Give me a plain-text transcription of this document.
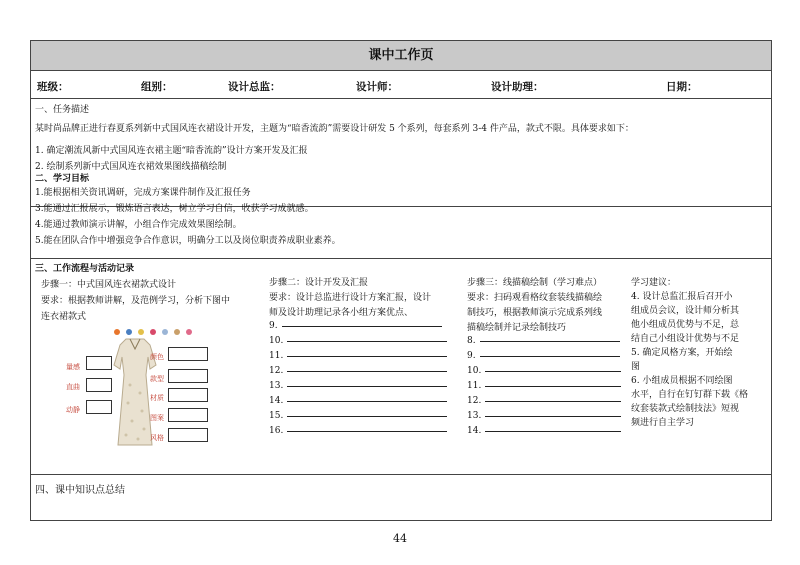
课中工作页
班级：	组别：	设计总监：	设计师：	设计助理：	日期：
一、任务描述
某时尚品牌正进行春夏系列新中式国风连衣裙设计开发，主题为“暗香流韵”需要设计研发 5 个系列，每套系列 3-4 件产品，款式不限。具体要求如下：
1. 确定潮流风新中式国风连衣裙主题“暗香流韵”设计方案开发及汇报
2. 绘制系列新中式国风连衣裙效果图线描稿绘制
二、学习目标
1.能根据相关资讯调研，完成方案课件制作及汇报任务
3.能通过汇报展示，锻炼语言表达，树立学习自信，收获学习成就感。
4.能通过教师演示讲解，小组合作完成效果图绘制。
5.能在团队合作中增强竞争合作意识，明确分工以及岗位职责养成职业素养。
三、工作流程与活动记录
步骤一：中式国风连衣裙款式设计
要求：根据教师讲解，及范例学习，分析下图中
连衣裙款式
步骤二：设计开发及汇报
要求：设计总监进行设计方案汇报，设计
师及设计助理记录各小组方案优点、
9.
10.
11.
12.
13.
14.
15.
16.
步骤三：线描稿绘制（学习难点）
要求：扫码观看格纹套装线描稿绘
制技巧，根据教师演示完成系列线
描稿绘制并记录绘制技巧
8.
9.
10.
11.
12.
13.
14.
学习建议：
4. 设计总监汇报后召开小
组成员会议，设计师分析其
他小组成员优势与不足，总
结自己小组设计优势与不足
5. 确定风格方案，开始绘
图
6. 小组成员根据不同绘图
水平，自行在钉钉群下载《格
纹套装款式绘制技法》短视
频进行自主学习
四、课中知识点总结
量感
直曲
动静
颜色
款型
材质
图案
风格
44
